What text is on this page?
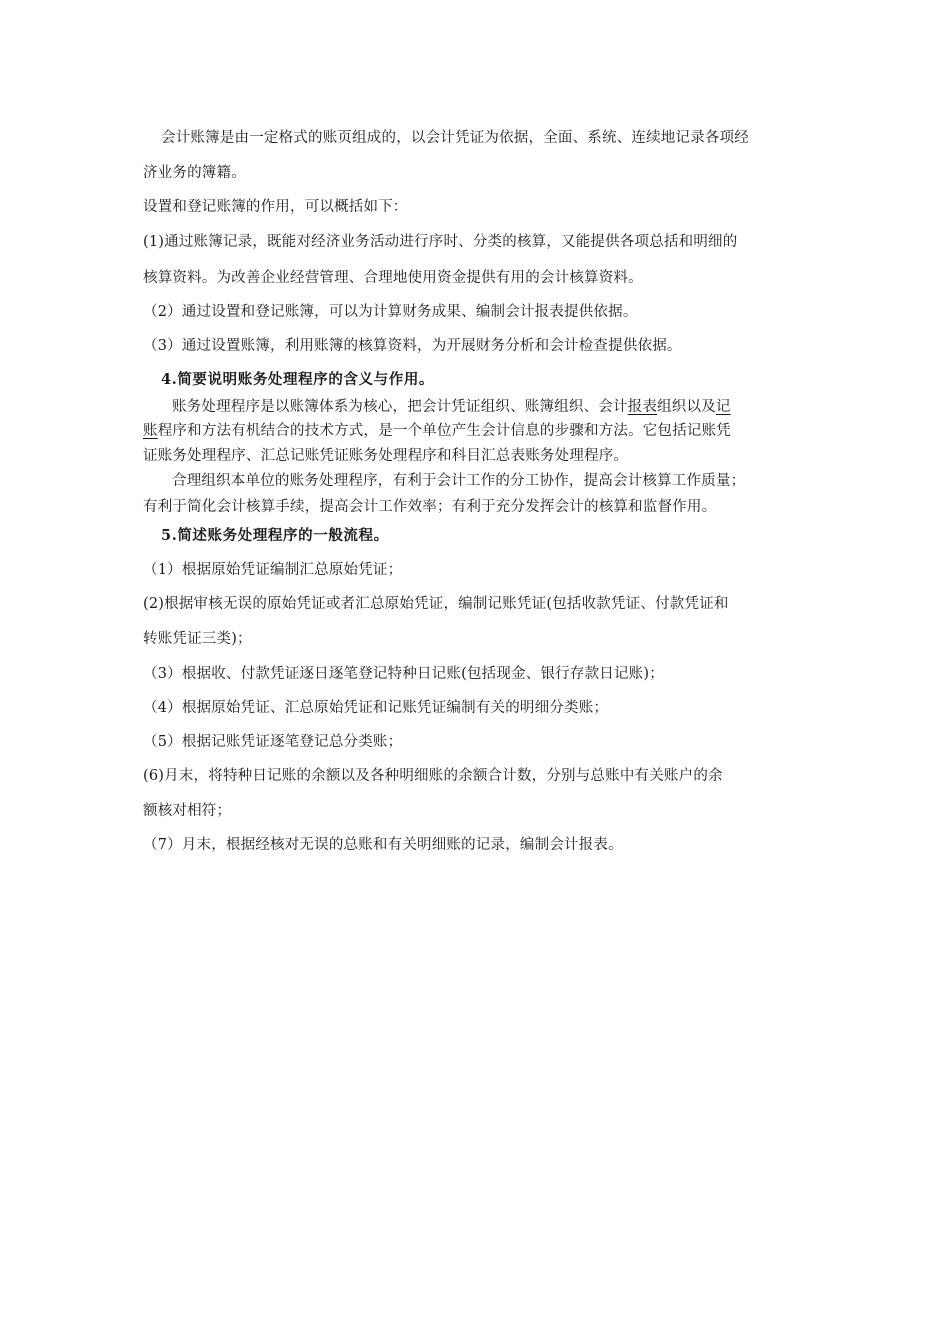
会计账簿是由一定格式的账页组成的，以会计凭证为依据，全面、系统、连续地记录各项经
济业务的簿籍。
设置和登记账簿的作用，可以概括如下：
(1)通过账簿记录，既能对经济业务活动进行序时、分类的核算，又能提供各项总括和明细的
核算资料。为改善企业经营管理、合理地使用资金提供有用的会计核算资料。
（2）通过设置和登记账簿，可以为计算财务成果、编制会计报表提供依据。
（3）通过设置账簿，利用账簿的核算资料，为开展财务分析和会计检查提供依据。
4.简要说明账务处理程序的含义与作用。
账务处理程序是以账簿体系为核心，把会计凭证组织、账簿组织、会计报表组织以及记
账程序和方法有机结合的技术方式，是一个单位产生会计信息的步骤和方法。它包括记账凭
证账务处理程序、汇总记账凭证账务处理程序和科目汇总表账务处理程序。
合理组织本单位的账务处理程序，有利于会计工作的分工协作，提高会计核算工作质量；
有利于简化会计核算手续，提高会计工作效率；有利于充分发挥会计的核算和监督作用。
5.简述账务处理程序的一般流程。
（1）根据原始凭证编制汇总原始凭证；
(2)根据审核无误的原始凭证或者汇总原始凭证，编制记账凭证(包括收款凭证、付款凭证和
转账凭证三类)；
（3）根据收、付款凭证逐日逐笔登记特种日记账(包括现金、银行存款日记账)；
（4）根据原始凭证、汇总原始凭证和记账凭证编制有关的明细分类账；
（5）根据记账凭证逐笔登记总分类账；
(6)月末，将特种日记账的余额以及各种明细账的余额合计数，分别与总账中有关账户的余
额核对相符；
（7）月末，根据经核对无误的总账和有关明细账的记录，编制会计报表。
